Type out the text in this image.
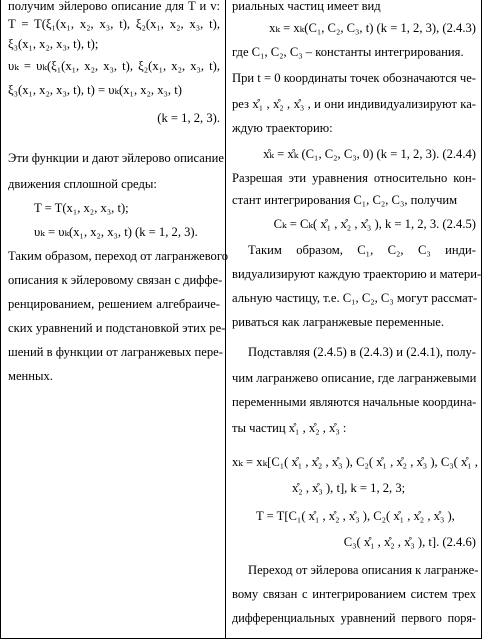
получим эйлерово описание для T и v:
T = T(ξ₁(x₁, x₂, x₃, t), ξ₂(x₁, x₂, x₃, t),
ξ₃(x₁, x₂, x₃, t), t);
υₖ = υₖ(ξ₁(x₁, x₂, x₃, t), ξ₂(x₁, x₂, x₃, t),
ξ₃(x₁, x₂, x₃, t), t) = υₖ(x₁, x₂, x₃, t)
(k = 1, 2, 3).
Эти функции и дают эйлерово описание
движения сплошной среды:
T = T(x₁, x₂, x₃, t);
υₖ = υₖ(x₁, x₂, x₃, t) (k = 1, 2, 3).
Таким образом, переход от лагранжевого
описания к эйлеровому связан с диффе-
ренцированием, решением алгебраиче-
ских уравнений и подстановкой этих ре-
шений в функции от лагранжевых пере-
менных.
риальных частиц имеет вид
xₖ = xₖ(C₁, C₂, C₃, t) (k = 1, 2, 3), (2.4.3)
где C₁, C₂, C₃ – константы интегрирования.
При t = 0 координаты точек обозначаются че-
рез x̊₁ , x̊₂ , x̊₃ , и они индивидуализируют ка-
ждую траекторию:
x̊ₖ = x̊ₖ (C₁, C₂, C₃, 0) (k = 1, 2, 3). (2.4.4)
Разрешая эти уравнения относительно кон-
стант интегрирования C₁, C₂, C₃, получим
Cₖ = Cₖ( x̊₁ , x̊₂ , x̊₃ ), k = 1, 2, 3. (2.4.5)
Таким образом, C₁, C₂, C₃ инди-
видуализируют каждую траекторию и матери-
альную частицу, т.е. C₁, C₂, C₃ могут рассмат-
риваться как лагранжевые переменные.
Подставляя (2.4.5) в (2.4.3) и (2.4.1), полу-
чим лагранжево описание, где лагранжевыми
переменными являются начальные координа-
ты частиц x̊₁ , x̊₂ , x̊₃ :
xₖ = xₖ[C₁( x̊₁ , x̊₂ , x̊₃ ), C₂( x̊₁ , x̊₂ , x̊₃ ), C₃( x̊₁ ,
x̊₂ , x̊₃ ), t], k = 1, 2, 3;
T = T[C₁( x̊₁ , x̊₂ , x̊₃ ), C₂( x̊₁ , x̊₂ , x̊₃ ),
C₃( x̊₁ , x̊₂ , x̊₃ ), t]. (2.4.6)
Переход от эйлерова описания к лагранже-
вому связан с интегрированием систем трех
дифференциальных уравнений первого поря-
